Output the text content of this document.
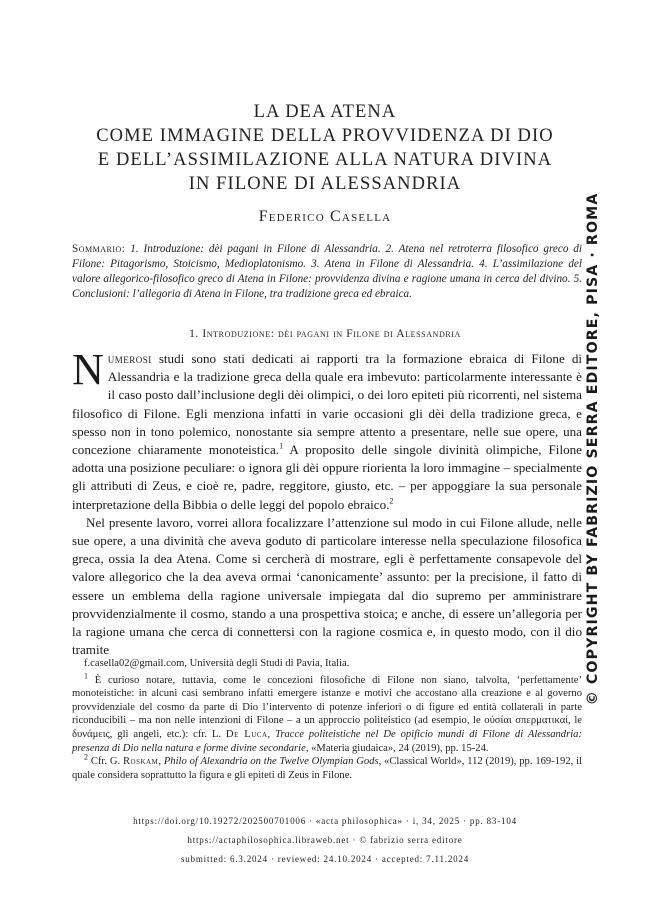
LA DEA ATENA
COME IMMAGINE DELLA PROVVIDENZA DI DIO
E DELL’ASSIMILAZIONE ALLA NATURA DIVINA
IN FILONE DI ALESSANDRIA
Federico Casella
Sommario: 1. Introduzione: dèi pagani in Filone di Alessandria. 2. Atena nel retroterra filosofico greco di Filone: Pitagorismo, Stoicismo, Medioplatonismo. 3. Atena in Filone di Alessandria. 4. L’assimilazione del valore allegorico-filosofico greco di Atena in Filone: provvidenza divina e ragione umana in cerca del divino. 5. Conclusioni: l’allegoria di Atena in Filone, tra tradizione greca ed ebraica.
1. Introduzione: dèi pagani in Filone di Alessandria

Numerosi studi sono stati dedicati ai rapporti tra la formazione ebraica di Filone di Alessandria e la tradizione greca della quale era imbevuto: particolarmente interessante è il caso posto dall’inclusione degli dèi olimpici, o dei loro epiteti più ricorrenti, nel sistema filosofico di Filone. Egli menziona infatti in varie occasioni gli dèi della tradizione greca, e spesso non in tono polemico, nonostante sia sempre attento a presentare, nelle sue opere, una concezione chiaramente monoteistica.$^1$ A proposito delle singole divinità olimpiche, Filone adotta una posizione peculiare: o ignora gli dèi oppure riorienta la loro immagine – specialmente gli attributi di Zeus, e cioè re, padre, reggitore, giusto, etc. – per appoggiare la sua personale interpretazione della Bibbia o delle leggi del popolo ebraico.$^2$

Nel presente lavoro, vorrei allora focalizzare l’attenzione sul modo in cui Filone allude, nelle sue opere, a una divinità che aveva goduto di particolare interesse nella speculazione filosofica greca, ossia la dea Atena. Come si cercherà di mostrare, egli è perfettamente consapevole del valore allegorico che la dea aveva ormai ‘canonicamente’ assunto: per la precisione, il fatto di essere un emblema della ragione universale impiegata dal dio supremo per amministrare provvidenzialmente il cosmo, stando a una prospettiva stoica; e anche, di essere un’allegoria per la ragione umana che cerca di connettersi con la ragione cosmica e, in questo modo, con il dio tramite

f.casella02@gmail.com, Università degli Studi di Pavia, Italia.

$^1$ È curioso notare, tuttavia, come le concezioni filosofiche di Filone non siano, talvolta, ‘perfettamente’ monoteistiche: in alcuni casi sembrano infatti emergere istanze e motivi che accostano alla creazione e al governo provvidenziale del cosmo da parte di Dio l’intervento di potenze inferiori o di figure ed entità collaterali in parte riconducibili – ma non nelle intenzioni di Filone – a un approccio politeistico (ad esempio, le οὐσίαι σπερματικαί, le δυνάμεις, gli angeli, etc.): cfr. L. De Luca, Tracce politeistiche nel De opificio mundi di Filone di Alessandria: presenza di Dio nella natura e forme divine secondarie, «Materia giudaica», 24 (2019), pp. 15-24.

$^2$ Cfr. G. Roskam, Philo of Alexandria on the Twelve Olympian Gods, «Classical World», 112 (2019), pp. 169-192, il quale considera soprattutto la figura e gli epiteti di Zeus in Filone.

https://doi.org/10.19272/202500701006 · «acta philosophica» · i, 34, 2025 · pp. 83-104
https://actaphilosophica.libraweb.net · © fabrizio serra editore
submitted: 6.3.2024 · reviewed: 24.10.2024 · accepted: 7.11.2024
© COPYRIGHT BY FABRIZIO SERRA EDITORE, PISA · ROMA
